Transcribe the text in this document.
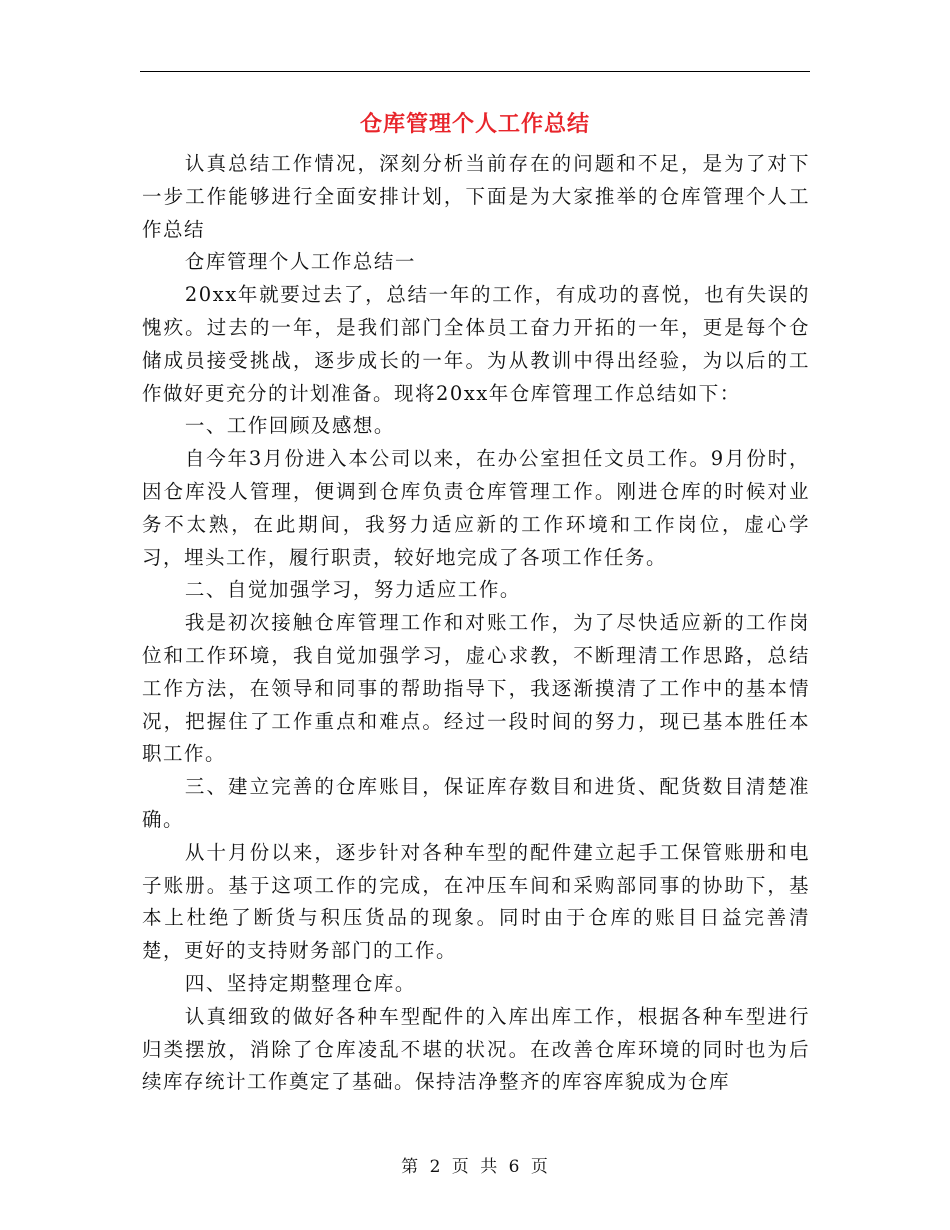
仓库管理个人工作总结

认真总结工作情况，深刻分析当前存在的问题和不足，是为了对下一步工作能够进行全面安排计划，下面是为大家推举的仓库管理个人工作总结

仓库管理个人工作总结一

20xx年就要过去了，总结一年的工作，有成功的喜悦，也有失误的愧疚。过去的一年，是我们部门全体员工奋力开拓的一年，更是每个仓储成员接受挑战，逐步成长的一年。为从教训中得出经验，为以后的工作做好更充分的计划准备。现将20xx年仓库管理工作总结如下：

一、工作回顾及感想。

自今年3月份进入本公司以来，在办公室担任文员工作。9月份时，因仓库没人管理，便调到仓库负责仓库管理工作。刚进仓库的时候对业务不太熟，在此期间，我努力适应新的工作环境和工作岗位，虚心学习，埋头工作，履行职责，较好地完成了各项工作任务。

二、自觉加强学习，努力适应工作。

我是初次接触仓库管理工作和对账工作，为了尽快适应新的工作岗位和工作环境，我自觉加强学习，虚心求教，不断理清工作思路，总结工作方法，在领导和同事的帮助指导下，我逐渐摸清了工作中的基本情况，把握住了工作重点和难点。经过一段时间的努力，现已基本胜任本职工作。

三、建立完善的仓库账目，保证库存数目和进货、配货数目清楚准确。

从十月份以来，逐步针对各种车型的配件建立起手工保管账册和电子账册。基于这项工作的完成，在冲压车间和采购部同事的协助下，基本上杜绝了断货与积压货品的现象。同时由于仓库的账目日益完善清楚，更好的支持财务部门的工作。

四、坚持定期整理仓库。

认真细致的做好各种车型配件的入库出库工作，根据各种车型进行归类摆放，消除了仓库凌乱不堪的状况。在改善仓库环境的同时也为后续库存统计工作奠定了基础。保持洁净整齐的库容库貌成为仓库

第 2 页 共 6 页
